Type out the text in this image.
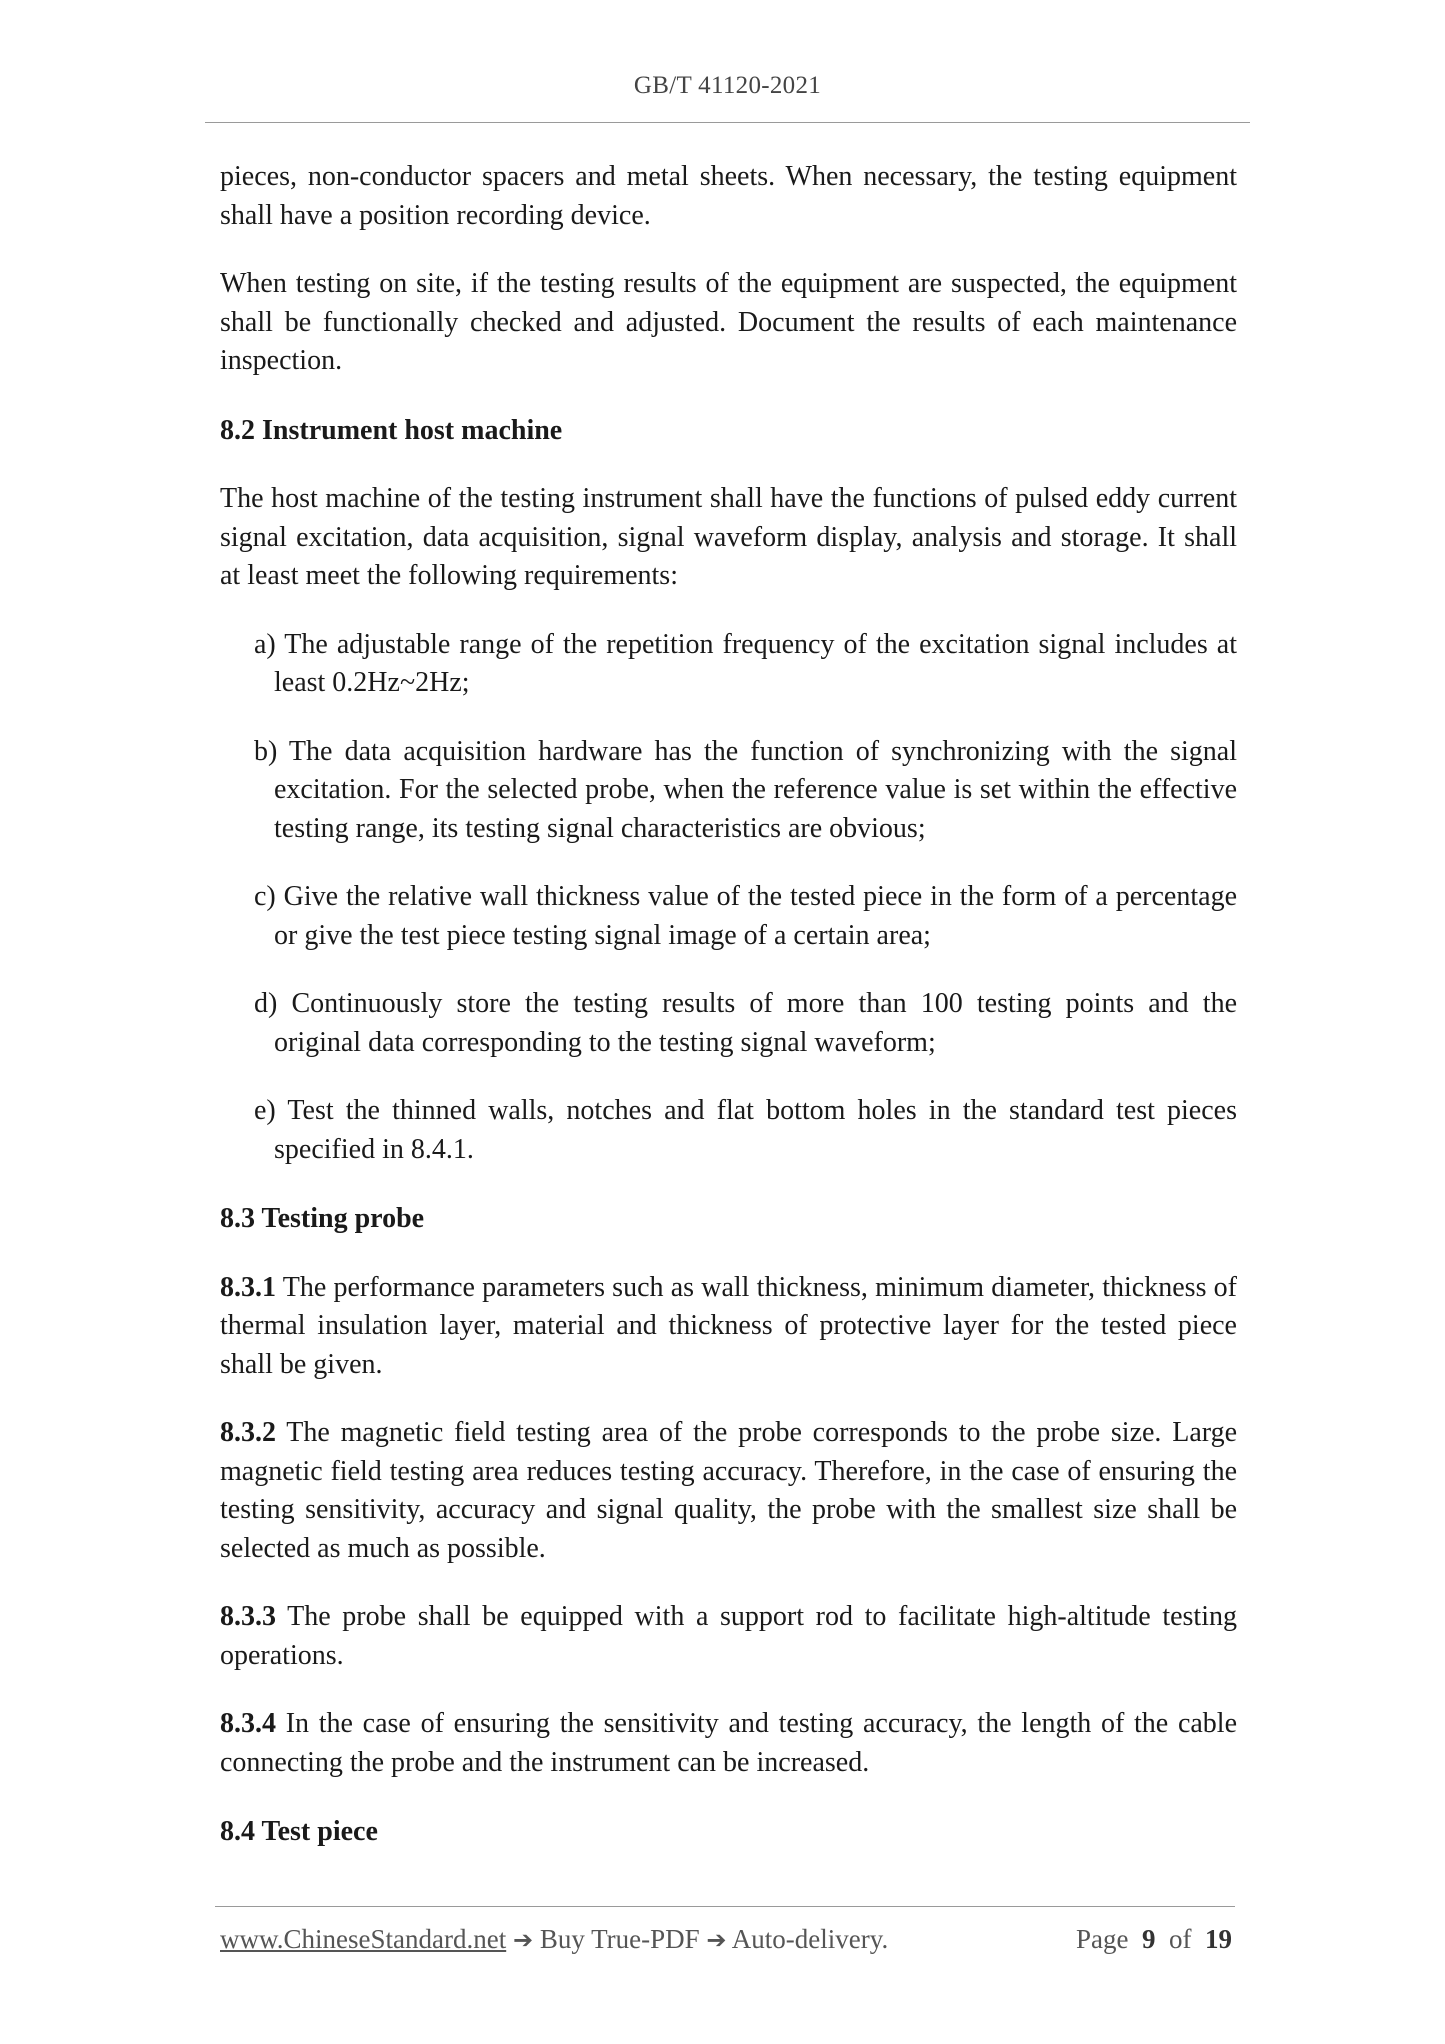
GB/T 41120-2021

pieces, non-conductor spacers and metal sheets. When necessary, the testing equipment shall have a position recording device.

When testing on site, if the testing results of the equipment are suspected, the equipment shall be functionally checked and adjusted. Document the results of each maintenance inspection.

8.2 Instrument host machine

The host machine of the testing instrument shall have the functions of pulsed eddy current signal excitation, data acquisition, signal waveform display, analysis and storage. It shall at least meet the following requirements:

a) The adjustable range of the repetition frequency of the excitation signal includes at least 0.2Hz~2Hz;

b) The data acquisition hardware has the function of synchronizing with the signal excitation. For the selected probe, when the reference value is set within the effective testing range, its testing signal characteristics are obvious;

c) Give the relative wall thickness value of the tested piece in the form of a percentage or give the test piece testing signal image of a certain area;

d) Continuously store the testing results of more than 100 testing points and the original data corresponding to the testing signal waveform;

e) Test the thinned walls, notches and flat bottom holes in the standard test pieces specified in 8.4.1.

8.3 Testing probe

8.3.1 The performance parameters such as wall thickness, minimum diameter, thickness of thermal insulation layer, material and thickness of protective layer for the tested piece shall be given.

8.3.2 The magnetic field testing area of the probe corresponds to the probe size. Large magnetic field testing area reduces testing accuracy. Therefore, in the case of ensuring the testing sensitivity, accuracy and signal quality, the probe with the smallest size shall be selected as much as possible.

8.3.3 The probe shall be equipped with a support rod to facilitate high-altitude testing operations.

8.3.4 In the case of ensuring the sensitivity and testing accuracy, the length of the cable connecting the probe and the instrument can be increased.

8.4 Test piece

www.ChineseStandard.net ➔ Buy True-PDF ➔ Auto-delivery.	Page 9 of 19
